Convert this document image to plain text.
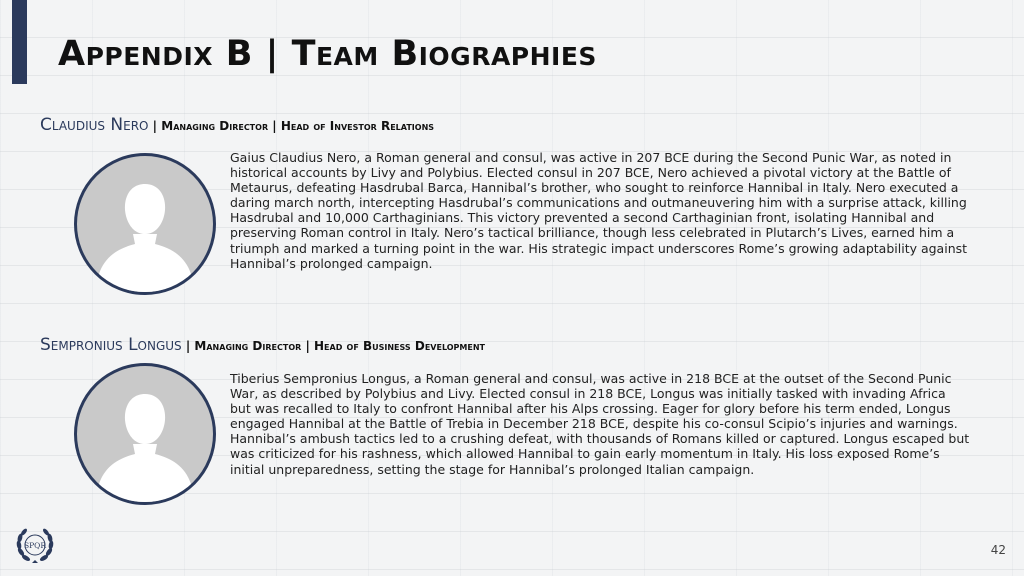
Appendix B | Team Biographies
Claudius Nero | Managing Director | Head of Investor Relations

Gaius Claudius Nero, a Roman general and consul, was active in 207 BCE during the Second Punic War, as noted in historical accounts by Livy and Polybius. Elected consul in 207 BCE, Nero achieved a pivotal victory at the Battle of Metaurus, defeating Hasdrubal Barca, Hannibal’s brother, who sought to reinforce Hannibal in Italy. Nero executed a daring march north, intercepting Hasdrubal’s communications and outmaneuvering him with a surprise attack, killing Hasdrubal and 10,000 Carthaginians. This victory prevented a second Carthaginian front, isolating Hannibal and preserving Roman control in Italy. Nero’s tactical brilliance, though less celebrated in Plutarch’s Lives, earned him a triumph and marked a turning point in the war. His strategic impact underscores Rome’s growing adaptability against Hannibal’s prolonged campaign.

Sempronius Longus | Managing Director | Head of Business Development

Tiberius Sempronius Longus, a Roman general and consul, was active in 218 BCE at the outset of the Second Punic War, as described by Polybius and Livy. Elected consul in 218 BCE, Longus was initially tasked with invading Africa but was recalled to Italy to confront Hannibal after his Alps crossing. Eager for glory before his term ended, Longus engaged Hannibal at the Battle of Trebia in December 218 BCE, despite his co-consul Scipio’s injuries and warnings. Hannibal’s ambush tactics led to a crushing defeat, with thousands of Romans killed or captured. Longus escaped but was criticized for his rashness, which allowed Hannibal to gain early momentum in Italy. His loss exposed Rome’s initial unpreparedness, setting the stage for Hannibal’s prolonged Italian campaign.

SPQR	42
